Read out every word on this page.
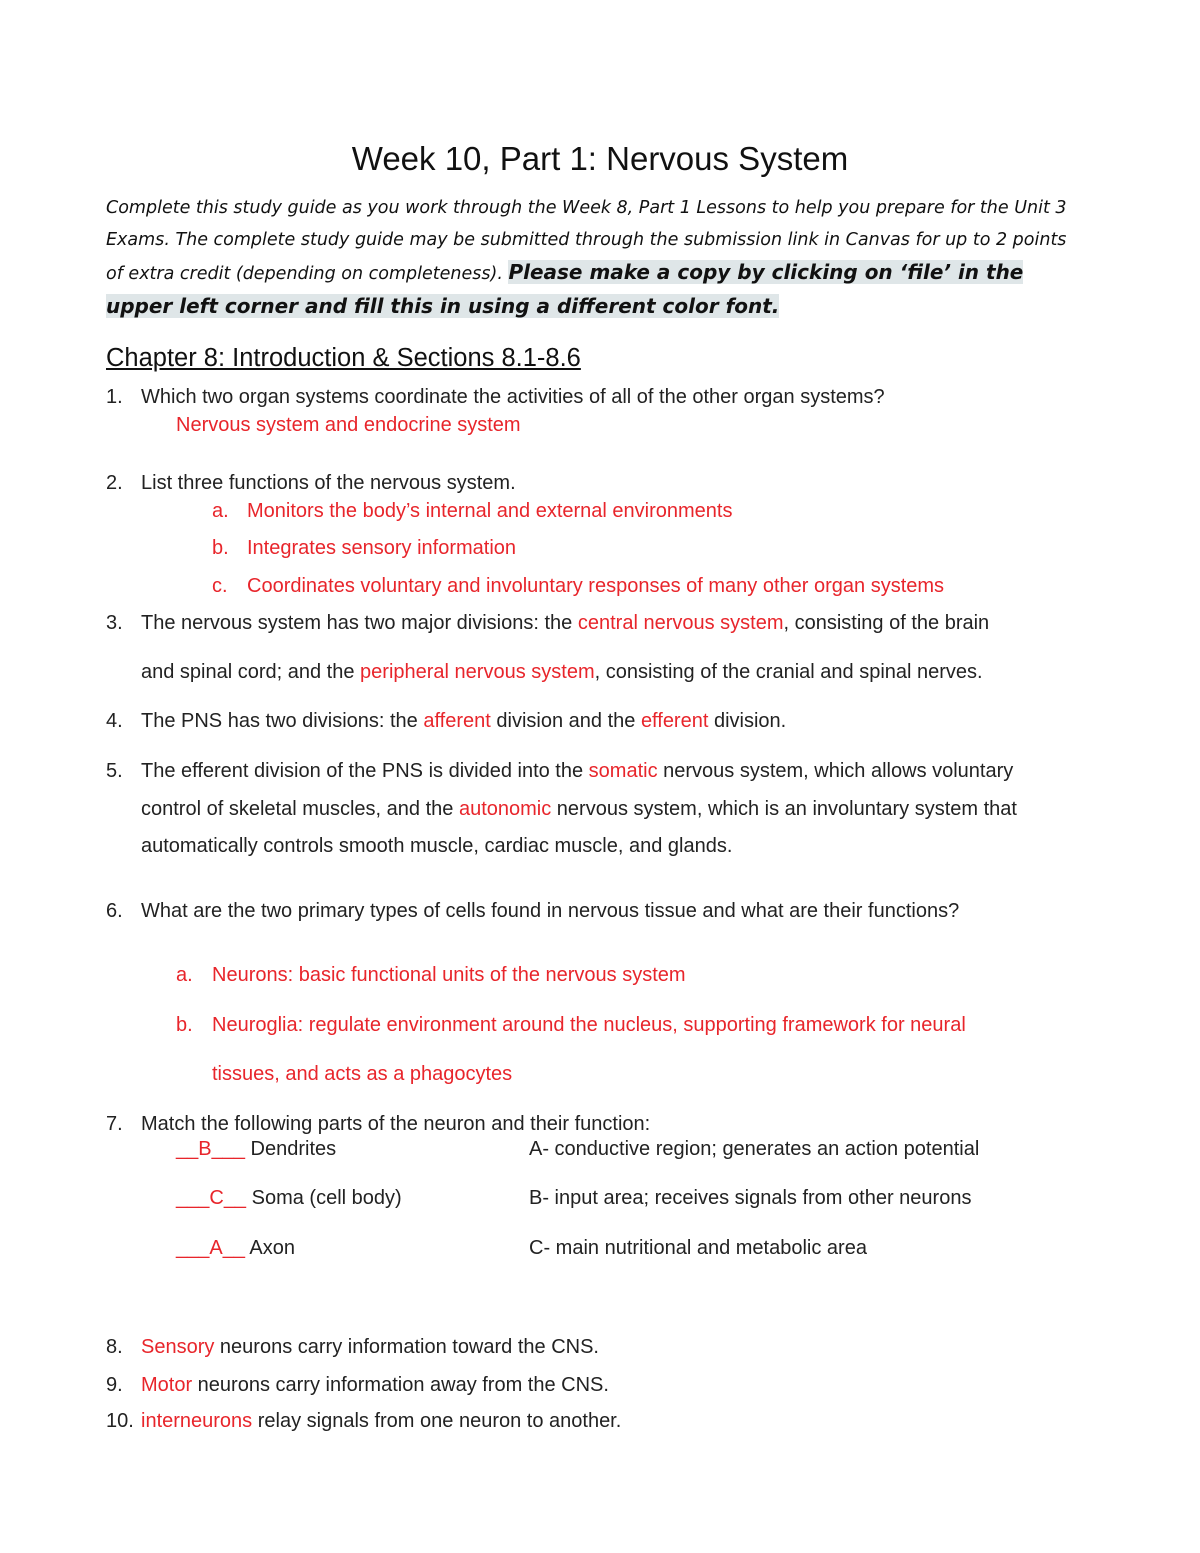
Week 10, Part 1: Nervous System
Complete this study guide as you work through the Week 8, Part 1 Lessons to help you prepare for the Unit 3 Exams. The complete study guide may be submitted through the submission link in Canvas for up to 2 points of extra credit (depending on completeness). Please make a copy by clicking on ‘file’ in the upper left corner and fill this in using a different color font.
Chapter 8: Introduction & Sections 8.1-8.6
1. Which two organ systems coordinate the activities of all of the other organ systems?
Nervous system and endocrine system
2. List three functions of the nervous system.
a. Monitors the body’s internal and external environments
b. Integrates sensory information
c. Coordinates voluntary and involuntary responses of many other organ systems
3. The nervous system has two major divisions: the central nervous system, consisting of the brain
and spinal cord; and the peripheral nervous system, consisting of the cranial and spinal nerves.
4. The PNS has two divisions: the afferent division and the efferent division.
5. The efferent division of the PNS is divided into the somatic nervous system, which allows voluntary
control of skeletal muscles, and the autonomic nervous system, which is an involuntary system that
automatically controls smooth muscle, cardiac muscle, and glands.
6. What are the two primary types of cells found in nervous tissue and what are their functions?
a. Neurons: basic functional units of the nervous system
b. Neuroglia: regulate environment around the nucleus, supporting framework for neural
tissues, and acts as a phagocytes
7. Match the following parts of the neuron and their function:
__B___ Dendrites	A- conductive region; generates an action potential
___C__ Soma (cell body)	B- input area; receives signals from other neurons
___A__ Axon	C- main nutritional and metabolic area
8. Sensory neurons carry information toward the CNS.
9. Motor neurons carry information away from the CNS.
10. interneurons relay signals from one neuron to another.
